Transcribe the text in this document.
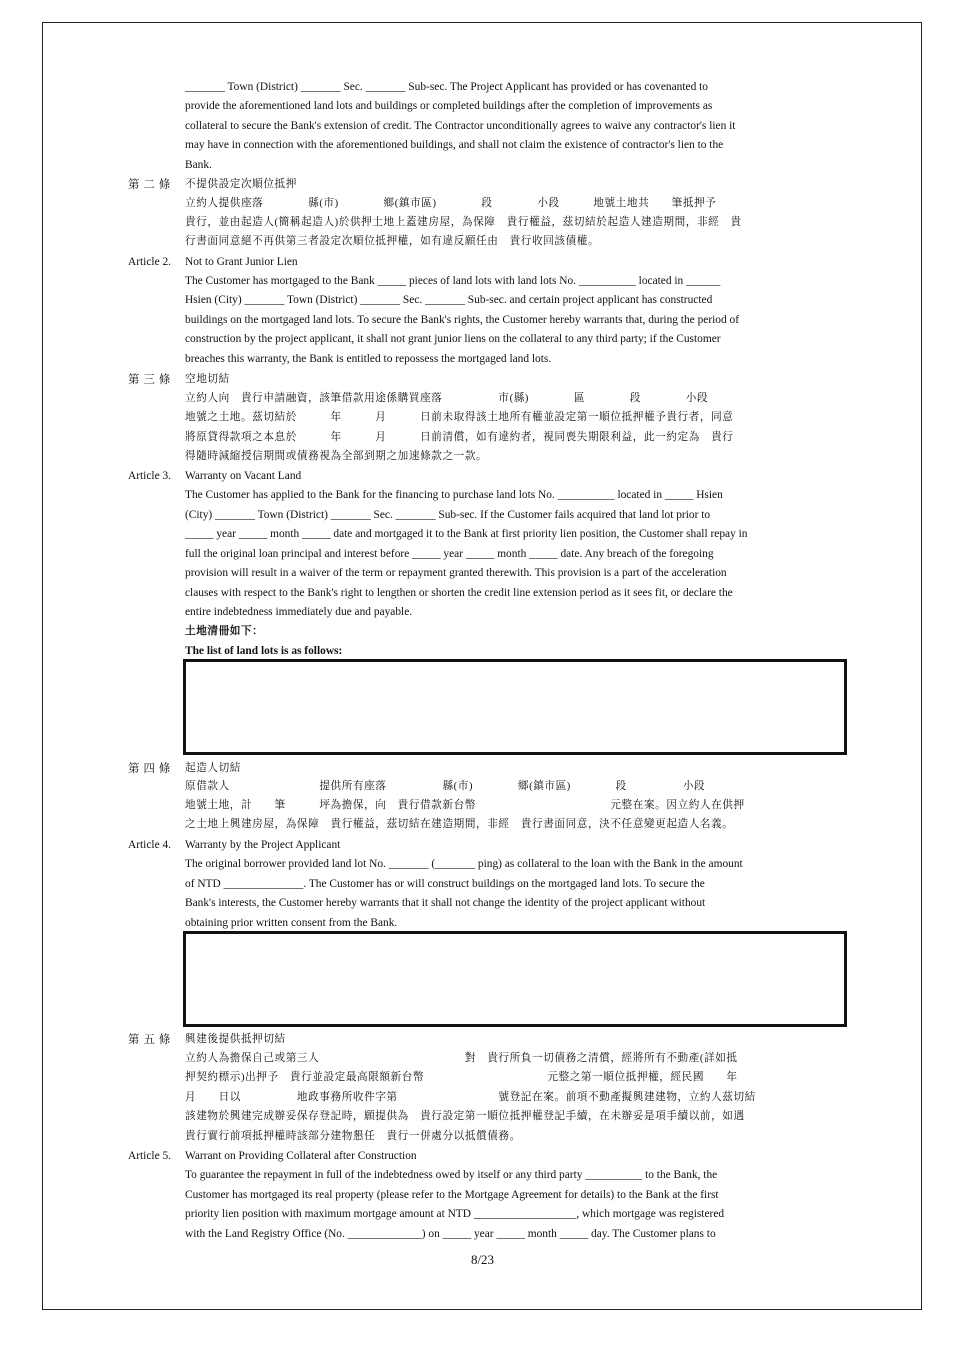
_______ Town (District) _______ Sec. _______ Sub-sec. The Project Applicant has provided or has covenanted to
provide the aforementioned land lots and buildings or completed buildings after the completion of improvements as
collateral to secure the Bank's extension of credit. The Contractor unconditionally agrees to waive any contractor's lien it
may have in connection with the aforementioned buildings, and shall not claim the existence of contractor's lien to the
Bank.
第 二 條 不提供設定次順位抵押
立約人提供座落　　　　縣(市)　　　　鄉(鎮市區)　　　　段　　　　小段　　　地號土地共　　筆抵押予
貴行，並由起造人(簡稱起造人)於供押土地上蓋建房屋，為保障　貴行權益，茲切結於起造人建造期間，非經　貴
行書面同意絕不再供第三者設定次順位抵押權，如有違反願任由　貴行收回該債權。
Article 2. Not to Grant Junior Lien
The Customer has mortgaged to the Bank _____ pieces of land lots with land lots No. __________ located in ______
Hsien (City) _______ Town (District) _______ Sec. _______ Sub-sec. and certain project applicant has constructed
buildings on the mortgaged land lots. To secure the Bank's rights, the Customer hereby warrants that, during the period of
construction by the project applicant, it shall not grant junior liens on the collateral to any third party; if the Customer
breaches this warranty, the Bank is entitled to repossess the mortgaged land lots.
第 三 條 空地切結
立約人向　貴行申請融資，該筆借款用途係購買座落　　　　　市(縣)　　　　區　　　　段　　　　小段
地號之土地。茲切結於　　　年　　　月　　　日前未取得該土地所有權並設定第一順位抵押權予貴行者，同意
將原貸得款項之本息於　　　年　　　月　　　日前清償，如有違約者，視同喪失期限利益，此一約定為　貴行
得隨時減縮授信期間或債務視為全部到期之加速條款之一款。
Article 3. Warranty on Vacant Land
The Customer has applied to the Bank for the financing to purchase land lots No. __________ located in _____ Hsien
(City) _______ Town (District) _______ Sec. _______ Sub-sec. If the Customer fails acquired that land lot prior to
_____ year _____ month _____ date and mortgaged it to the Bank at first priority lien position, the Customer shall repay in
full the original loan principal and interest before _____ year _____ month _____ date. Any breach of the foregoing
provision will result in a waiver of the term or repayment granted therewith. This provision is a part of the acceleration
clauses with respect to the Bank's right to lengthen or shorten the credit line extension period as it sees fit, or declare the
entire indebtedness immediately due and payable.
土地清冊如下：
The list of land lots is as follows:
第 四 條 起造人切結
原借款人　　　　　　　　提供所有座落　　　　　縣(市)　　　　鄉(鎮市區)　　　　段　　　　　小段
地號土地，計　　筆　　　坪為擔保，向　貴行借款新台幣　　　　　　　　　　　　元整在案。因立約人在供押
之土地上興建房屋，為保障　貴行權益，茲切結在建造期間，非經　貴行書面同意，決不任意變更起造人名義。
Article 4. Warranty by the Project Applicant
The original borrower provided land lot No. _______ (_______ ping) as collateral to the loan with the Bank in the amount
of NTD ______________. The Customer has or will construct buildings on the mortgaged land lots. To secure the
Bank's interests, the Customer hereby warrants that it shall not change the identity of the project applicant without
obtaining prior written consent from the Bank.
第 五 條 興建後提供抵押切結
立約人為擔保自己或第三人　　　　　　　　　　　　　對　貴行所負一切債務之清償，經將所有不動產(詳如抵
押契約標示)出押予　貴行並設定最高限額新台幣　　　　　　　　　　　元整之第一順位抵押權，經民國　　年
月　　日以　　　　　地政事務所收件字第　　　　　　　　　號登記在案。前項不動產擬興建建物，立約人茲切結
該建物於興建完成辦妥保存登記時，願提供為　貴行設定第一順位抵押權登記手續，在未辦妥是項手續以前，如遇
貴行實行前項抵押權時該部分建物懇任　貴行一併處分以抵償債務。
Article 5. Warrant on Providing Collateral after Construction
To guarantee the repayment in full of the indebtedness owed by itself or any third party __________ to the Bank, the
Customer has mortgaged its real property (please refer to the Mortgage Agreement for details) to the Bank at the first
priority lien position with maximum mortgage amount at NTD __________________, which mortgage was registered
with the Land Registry Office (No. _____________) on _____ year _____ month _____ day. The Customer plans to
8/23
